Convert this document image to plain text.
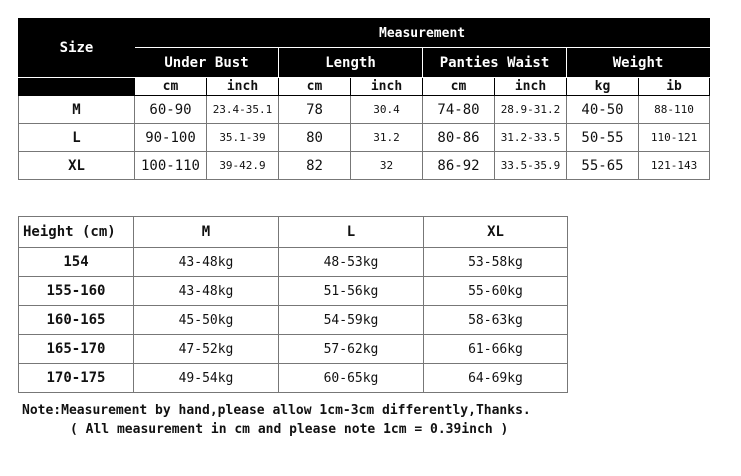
Size	Measurement							
	Under Bust		Length		Panties Waist		Weight	
	cm	inch	cm	inch	cm	inch	kg	ib
M	60-90	23.4-35.1	78	30.4	74-80	28.9-31.2	40-50	88-110
L	90-100	35.1-39	80	31.2	80-86	31.2-33.5	50-55	110-121
XL	100-110	39-42.9	82	32	86-92	33.5-35.9	55-65	121-143
Height (cm)	M	L	XL
154	43-48kg	48-53kg	53-58kg
155-160	43-48kg	51-56kg	55-60kg
160-165	45-50kg	54-59kg	58-63kg
165-170	47-52kg	57-62kg	61-66kg
170-175	49-54kg	60-65kg	64-69kg
Note:Measurement by hand,please allow 1cm-3cm differently,Thanks.
( All measurement in cm and please note 1cm = 0.39inch )
